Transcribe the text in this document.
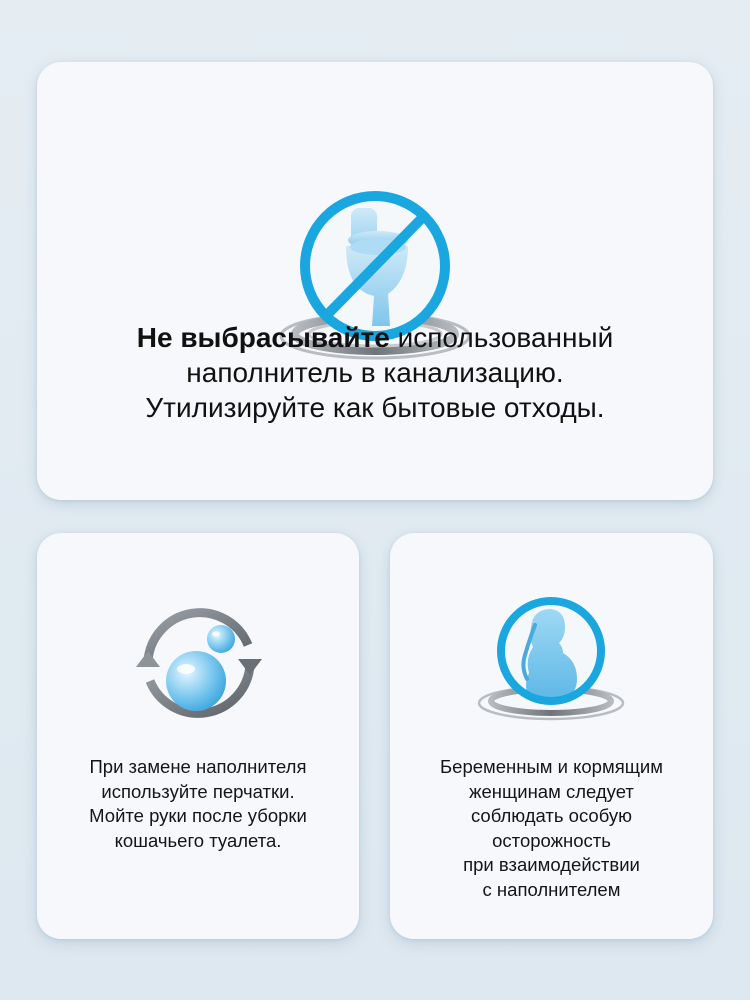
Не выбрасывайте использованный
наполнитель в канализацию.
Утилизируйте как бытовые отходы.
При замене наполнителя
используйте перчатки.
Мойте руки после уборки
кошачьего туалета.
Беременным и кормящим
женщинам следует
соблюдать особую
осторожность
при взаимодействии
с наполнителем
